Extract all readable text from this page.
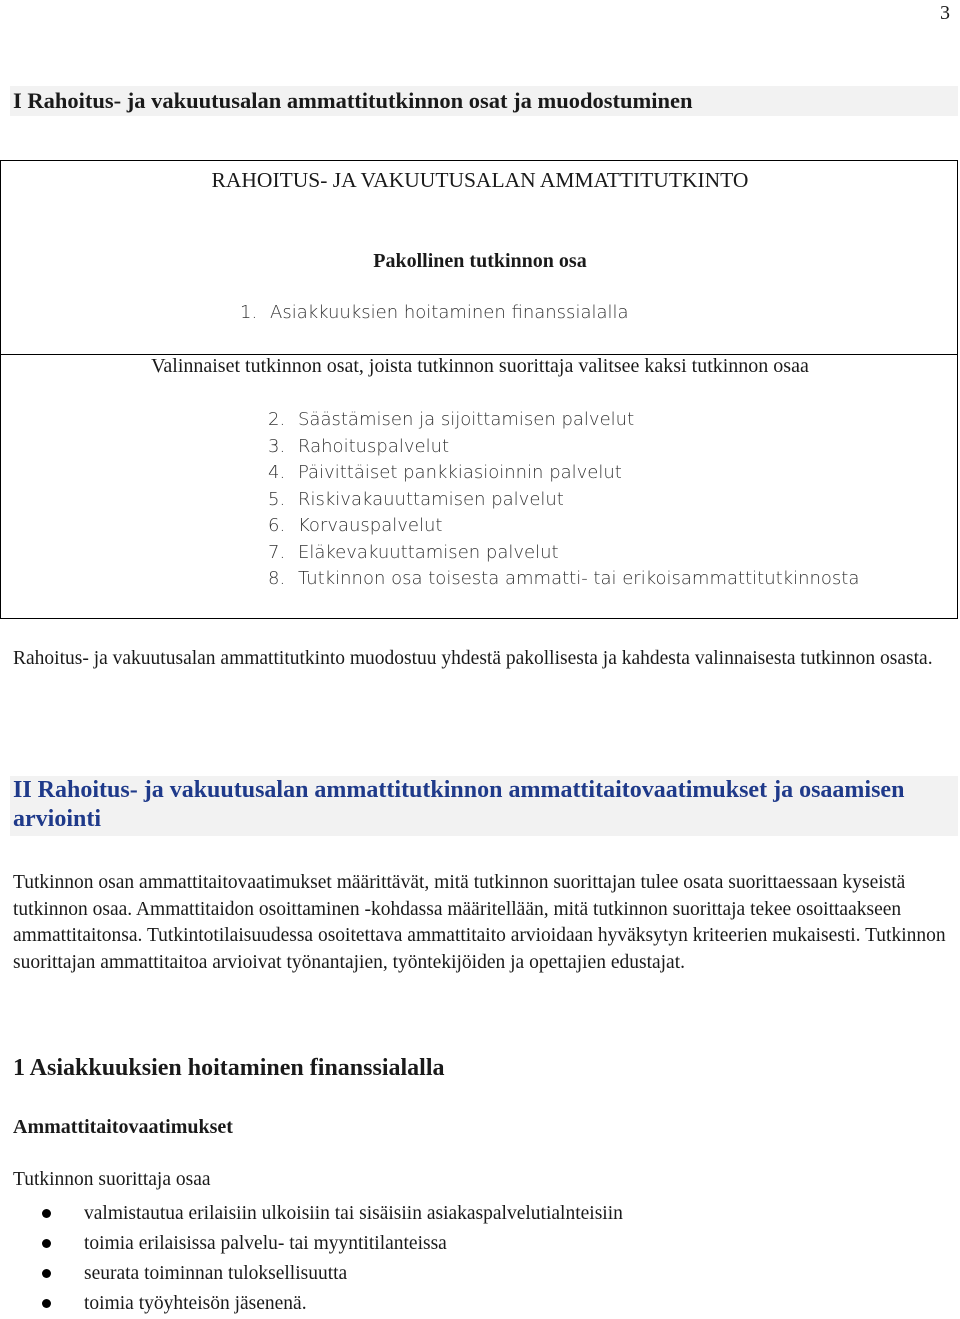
3
I Rahoitus- ja vakuutusalan ammattitutkinnon osat ja muodostuminen
RAHOITUS- JA VAKUUTUSALAN AMMATTITUTKINTO
Pakollinen tutkinnon osa
1. Asiakkuuksien hoitaminen finanssialalla
Valinnaiset tutkinnon osat, joista tutkinnon suorittaja valitsee kaksi tutkinnon osaa
2. Säästämisen ja sijoittamisen palvelut
3. Rahoituspalvelut
4. Päivittäiset pankkiasioinnin palvelut
5. Riskivakauuttamisen palvelut
6. Korvauspalvelut
7. Eläkevakuuttamisen palvelut
8. Tutkinnon osa toisesta ammatti- tai erikoisammattitutkinnosta
Rahoitus- ja vakuutusalan ammattitutkinto muodostuu yhdestä pakollisesta ja kahdesta valinnaisesta tutkinnon osasta.
II Rahoitus- ja vakuutusalan ammattitutkinnon ammattitaitovaatimukset ja osaamisen arviointi
Tutkinnon osan ammattitaitovaatimukset määrittävät, mitä tutkinnon suorittajan tulee osata suorittaessaan kyseistä tutkinnon osaa. Ammattitaidon osoittaminen -kohdassa määritellään, mitä tutkinnon suorittaja tekee osoittaakseen ammattitaitonsa. Tutkintotilaisuudessa osoitettava ammattitaito arvioidaan hyväksytyn kriteerien mukaisesti. Tutkinnon suorittajan ammattitaitoa arvioivat työnantajien, työntekijöiden ja opettajien edustajat.
1 Asiakkuuksien hoitaminen finanssialalla
Ammattitaitovaatimukset
Tutkinnon suorittaja osaa
valmistautua erilaisiin ulkoisiin tai sisäisiin asiakaspalvelutialnteisiin
toimia erilaisissa palvelu- tai myyntitilanteissa
seurata toiminnan tuloksellisuutta
toimia työyhteisön jäsenenä.
